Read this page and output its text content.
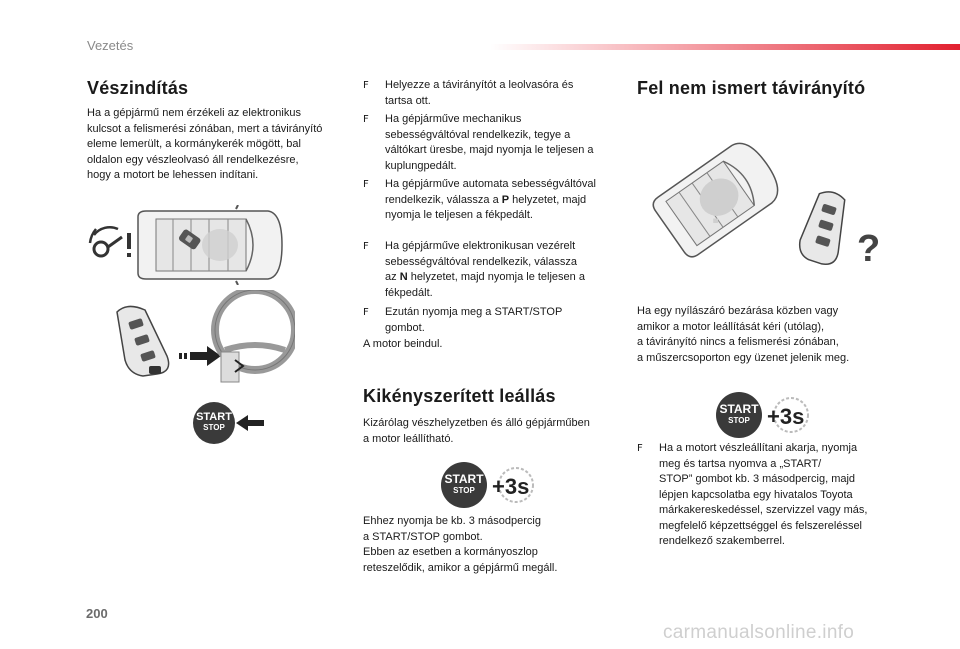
Vezetés
Vészindítás
Ha a gépjármű nem érzékeli az elektronikus
kulcsot a felismerési zónában, mert a távirányító
eleme lemerült, a kormánykerék mögött, bal
oldalon egy vészleolvasó áll rendelkezésre,
hogy a motort be lehessen indítani.
START
STOP
F Helyezze a távirányítót a leolvasóra és
tartsa ott.
F Ha gépjárműve mechanikus
sebességváltóval rendelkezik, tegye a
váltókart üresbe, majd nyomja le teljesen a
kuplungpedált.
F Ha gépjárműve automata sebességváltóval
rendelkezik, válassza a P helyzetet, majd
nyomja le teljesen a fékpedált.
F Ha gépjárműve elektronikusan vezérelt
sebességváltóval rendelkezik, válassza
az N helyzetet, majd nyomja le teljesen a
fékpedált.
F Ezután nyomja meg a START/STOP
gombot.
A motor beindul.
Kikényszerített leállás
Kizárólag vészhelyzetben és álló gépjárműben
a motor leállítható.
START
STOP +3s
Ehhez nyomja be kb. 3 másodpercig
a START/STOP gombot.
Ebben az esetben a kormányoszlop
reteszelődik, amikor a gépjármű megáll.
Fel nem ismert távirányító
?
?
Ha egy nyílászáró bezárása közben vagy
amikor a motor leállítását kéri (utólag),
a távirányító nincs a felismerési zónában,
a műszercsoporton egy üzenet jelenik meg.
START
STOP +3s
F Ha a motort vészleállítani akarja, nyomja
meg és tartsa nyomva a „START/
STOP” gombot kb. 3 másodpercig, majd
lépjen kapcsolatba egy hivatalos Toyota
márkakereskedéssel, szervizzel vagy más,
megfelelő képzettséggel és felszereléssel
rendelkező szakemberrel.
200
carmanualsonline.info
